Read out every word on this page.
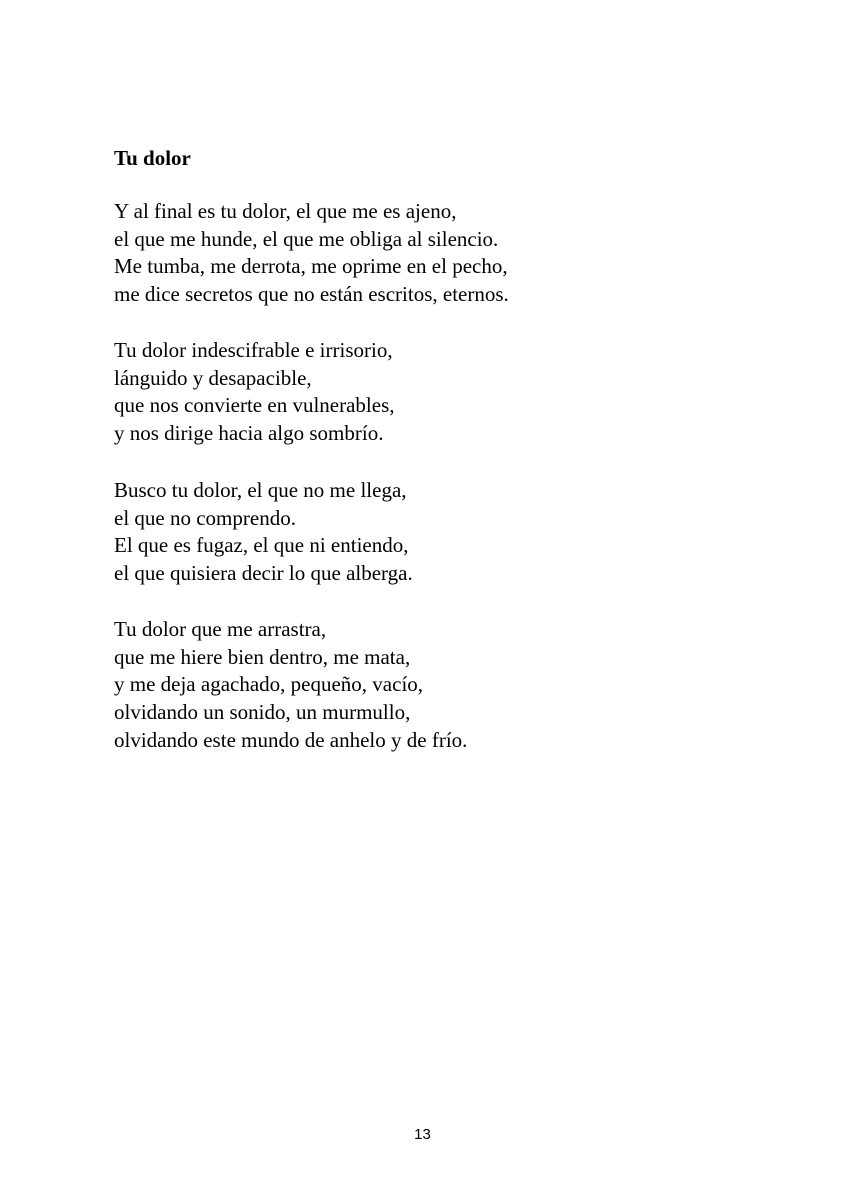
Tu dolor

Y al final es tu dolor, el que me es ajeno,
el que me hunde, el que me obliga al silencio.
Me tumba, me derrota, me oprime en el pecho,
me dice secretos que no están escritos, eternos.

Tu dolor indescifrable e irrisorio,
lánguido y desapacible,
que nos convierte en vulnerables,
y nos dirige hacia algo sombrío.

Busco tu dolor, el que no me llega,
el que no comprendo.
El que es fugaz, el que ni entiendo,
el que quisiera decir lo que alberga.

Tu dolor que me arrastra,
que me hiere bien dentro, me mata,
y me deja agachado, pequeño, vacío,
olvidando un sonido, un murmullo,
olvidando este mundo de anhelo y de frío.

13
